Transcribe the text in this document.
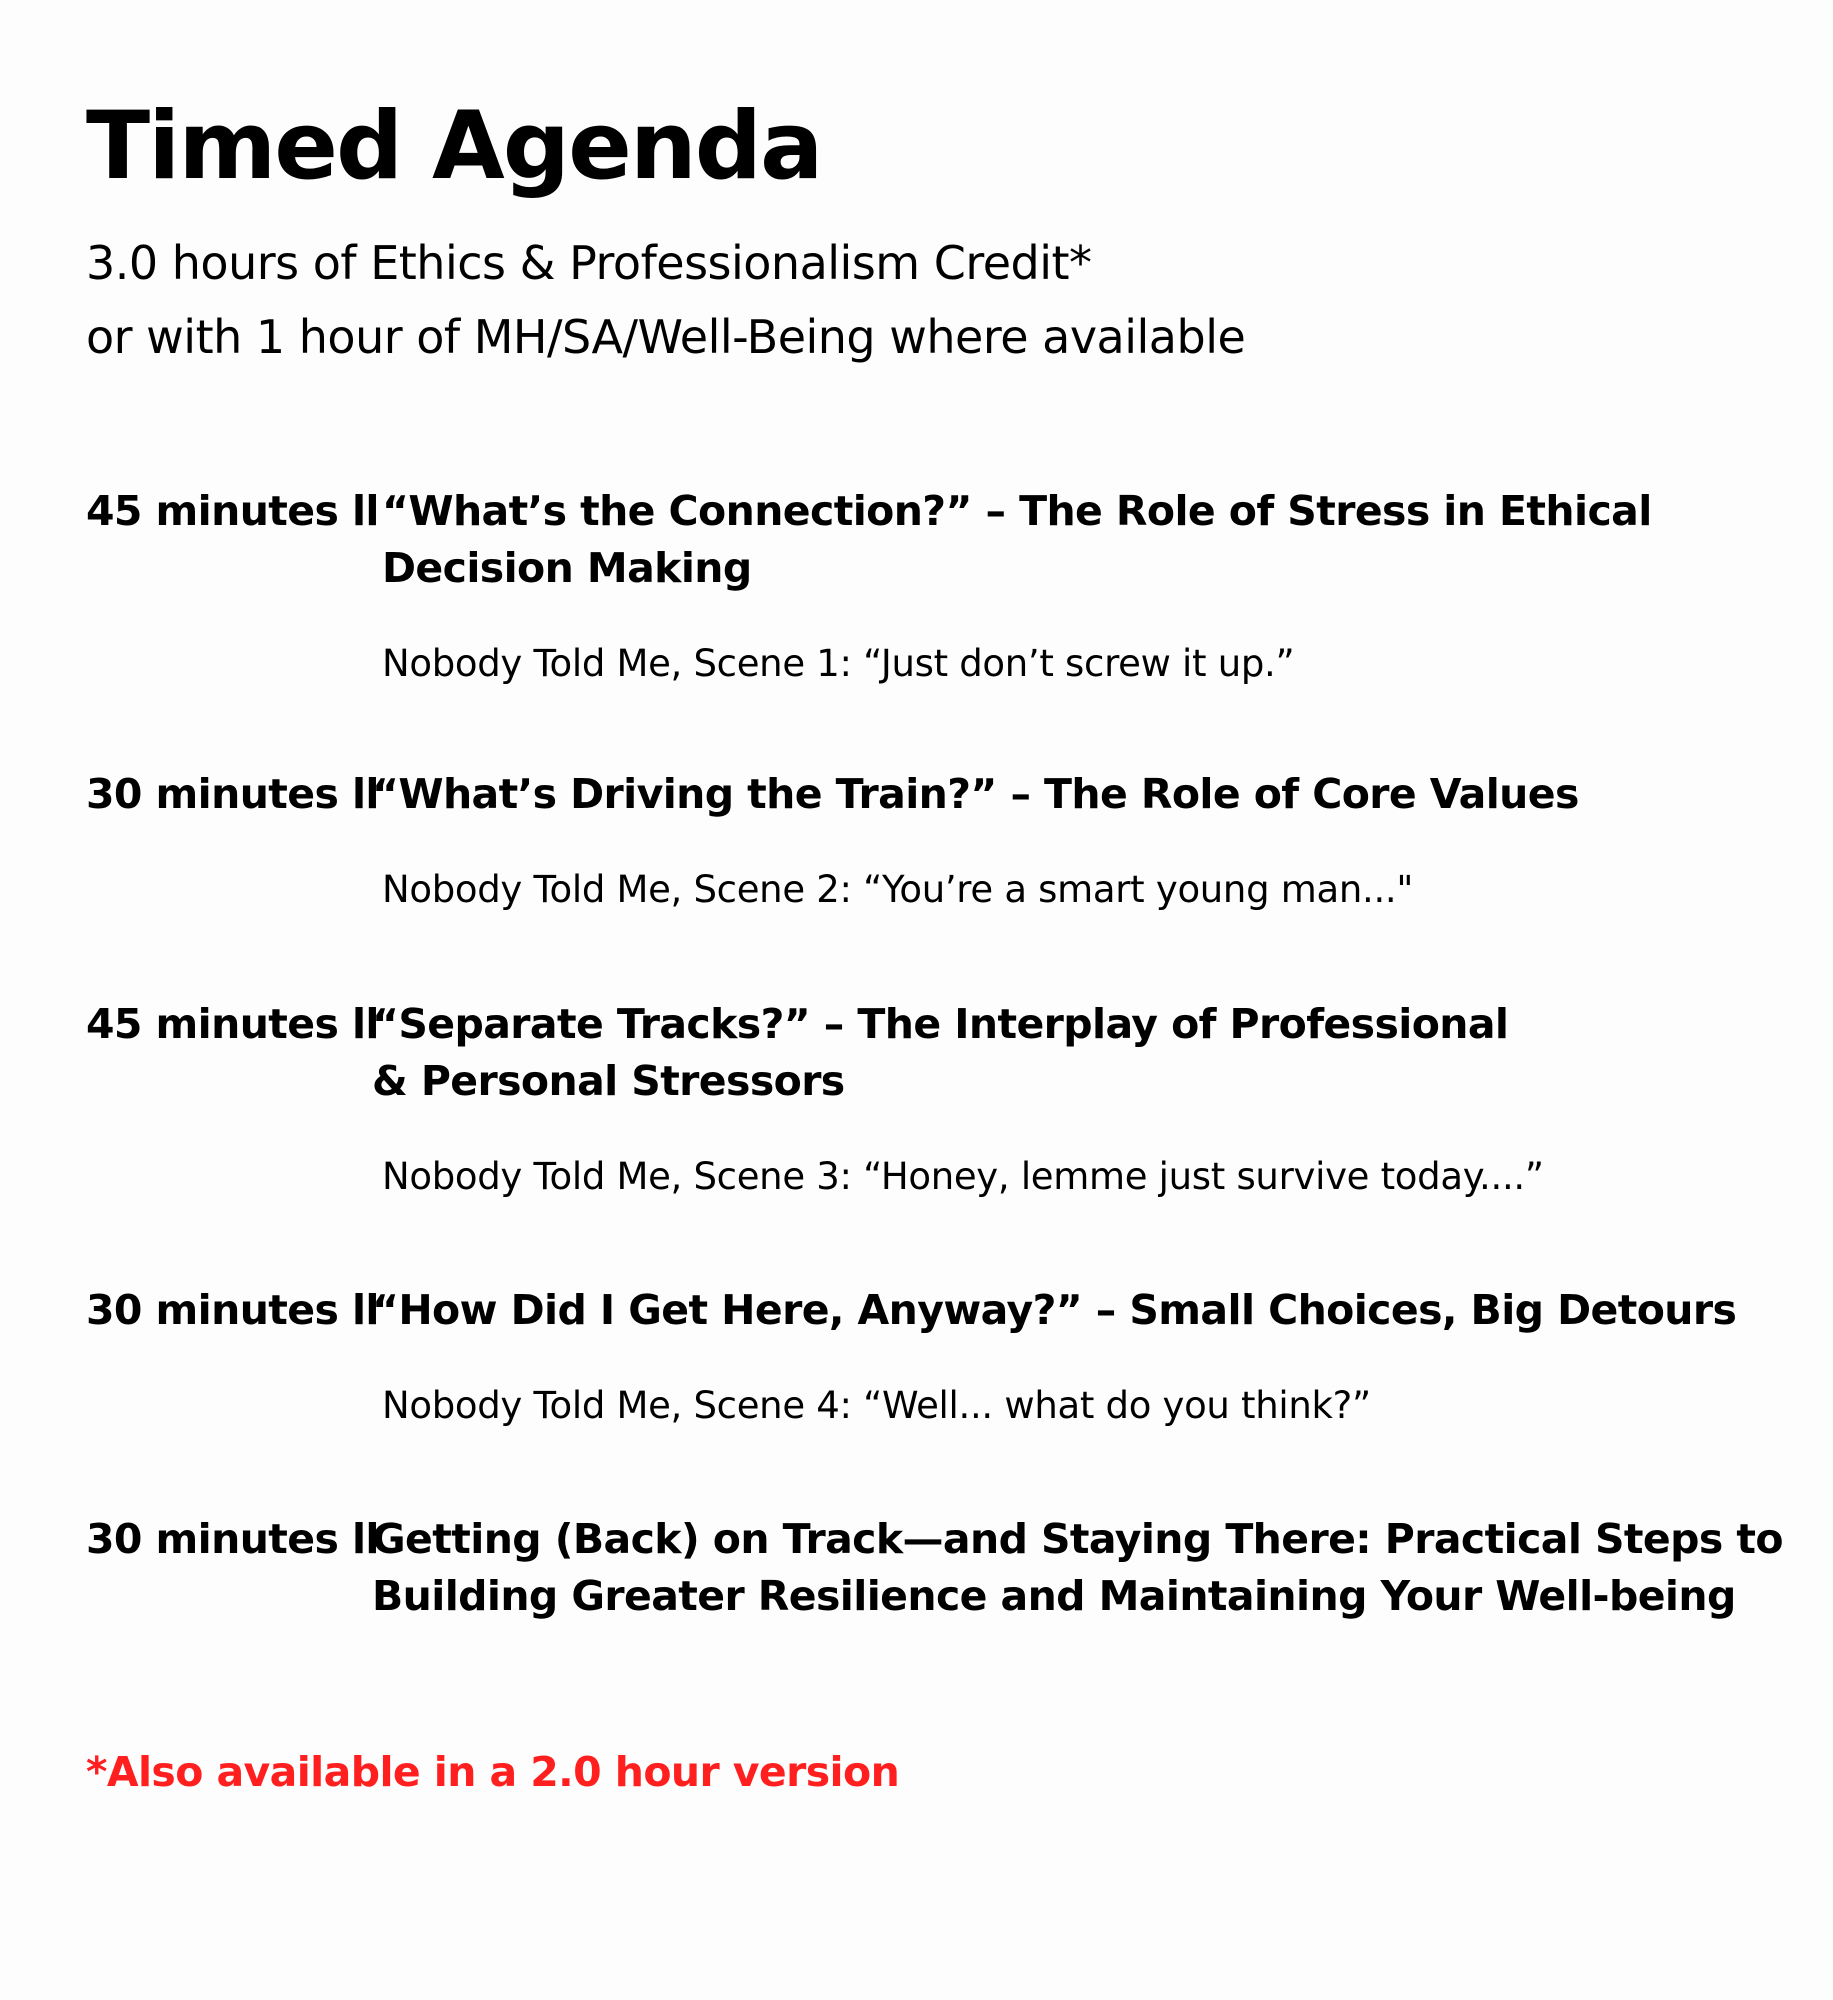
Timed Agenda

3.0 hours of Ethics & Professionalism Credit*

or with 1 hour of MH/SA/Well-Being where available

45 minutes ll “What’s the Connection?” – The Role of Stress in Ethical Decision Making
Nobody Told Me, Scene 1: “Just don’t screw it up.”
30 minutes ll
“What’s Driving the Train?” – The Role of Core Values
Nobody Told Me, Scene 2: “You’re a smart young man..."
45 minutes ll
“Separate Tracks?” – The Interplay of Professional & Personal Stressors
Nobody Told Me, Scene 3: “Honey, lemme just survive today....”
30 minutes ll
“How Did I Get Here, Anyway?” – Small Choices, Big Detours
Nobody Told Me, Scene 4: “Well... what do you think?”
30 minutes ll
Getting (Back) on Track—and Staying There: Practical Steps to Building Greater Resilience and Maintaining Your Well-being

*Also available in a 2.0 hour version
